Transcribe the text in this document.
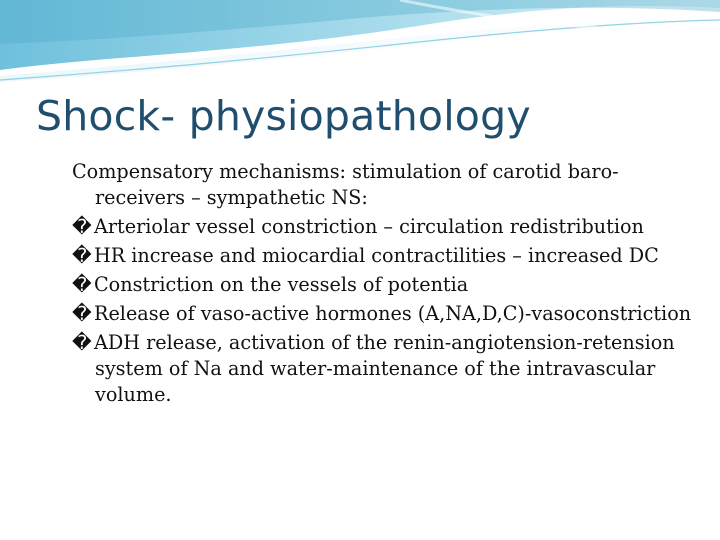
Shock- physiopathology

Compensatory mechanisms: stimulation of carotid baro-receivers – sympathetic NS:

� Arteriolar vessel constriction – circulation redistribution

� HR increase and miocardial contractilities – increased DC

� Constriction on the vessels of potentia

� Release of vaso-active hormones (A,NA,D,C)-vasoconstriction

� ADH release, activation of the renin-angiotension-retension system of Na and water-maintenance of the intravascular volume.
